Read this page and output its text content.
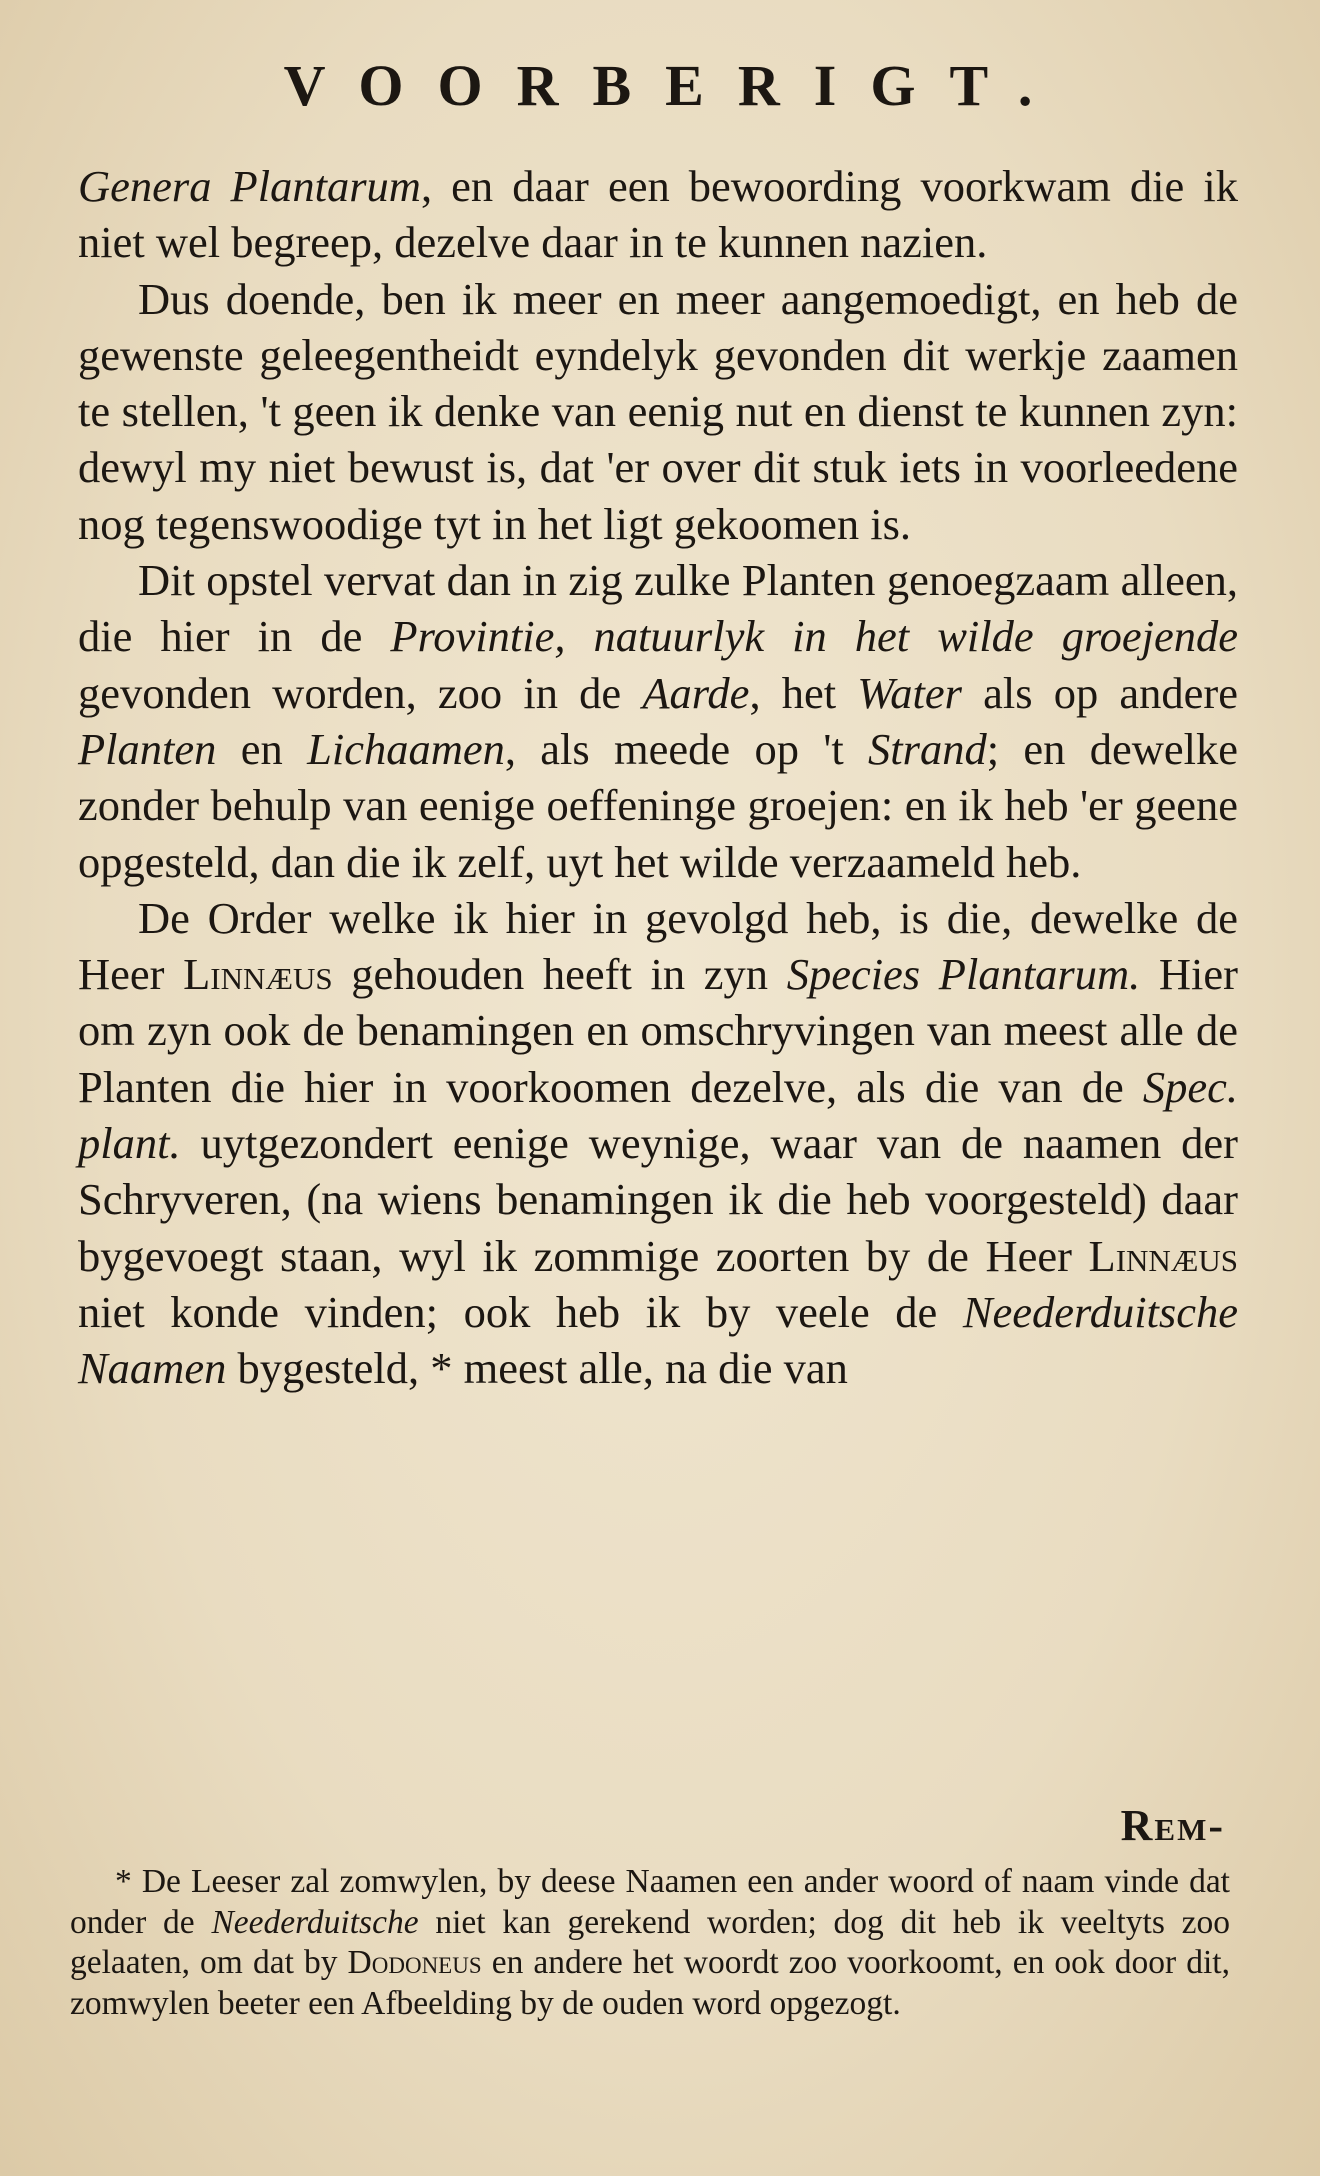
VOORBERIGT.

Genera Plantarum, en daar een bewoording voorkwam die ik niet wel begreep, dezelve daar in te kunnen nazien.

Dus doende, ben ik meer en meer aangemoedigt, en heb de gewenste geleegentheidt eyndelyk gevonden dit werkje zaamen te stellen, 't geen ik denke van eenig nut en dienst te kunnen zyn: dewyl my niet bewust is, dat 'er over dit stuk iets in voorleedene nog tegenswoodige tyt in het ligt gekoomen is.

Dit opstel vervat dan in zig zulke Planten genoegzaam alleen, die hier in de Provintie, natuurlyk in het wilde groejende gevonden worden, zoo in de Aarde, het Water als op andere Planten en Lichaamen, als meede op 't Strand; en dewelke zonder behulp van eenige oeffeninge groejen: en ik heb 'er geene opgesteld, dan die ik zelf, uyt het wilde verzaameld heb.

De Order welke ik hier in gevolgd heb, is die, dewelke de Heer Linnæus gehouden heeft in zyn Species Plantarum. Hier om zyn ook de benamingen en omschryvingen van meest alle de Planten die hier in voorkoomen dezelve, als die van de Spec. plant. uytgezondert eenige weynige, waar van de naamen der Schryveren, (na wiens benamingen ik die heb voorgesteld) daar bygevoegt staan, wyl ik zommige zoorten by de Heer Linnæus niet konde vinden; ook heb ik by veele de Neederduitsche Naamen bygesteld, * meest alle, na die van

Rem-

* De Leeser zal zomwylen, by deese Naamen een ander woord of naam vinde dat onder de Neederduitsche niet kan gerekend worden; dog dit heb ik veeltyts zoo gelaaten, om dat by Dodoneus en andere het woordt zoo voorkoomt, en ook door dit, zomwylen beeter een Afbeelding by de ouden word opgezogt.
